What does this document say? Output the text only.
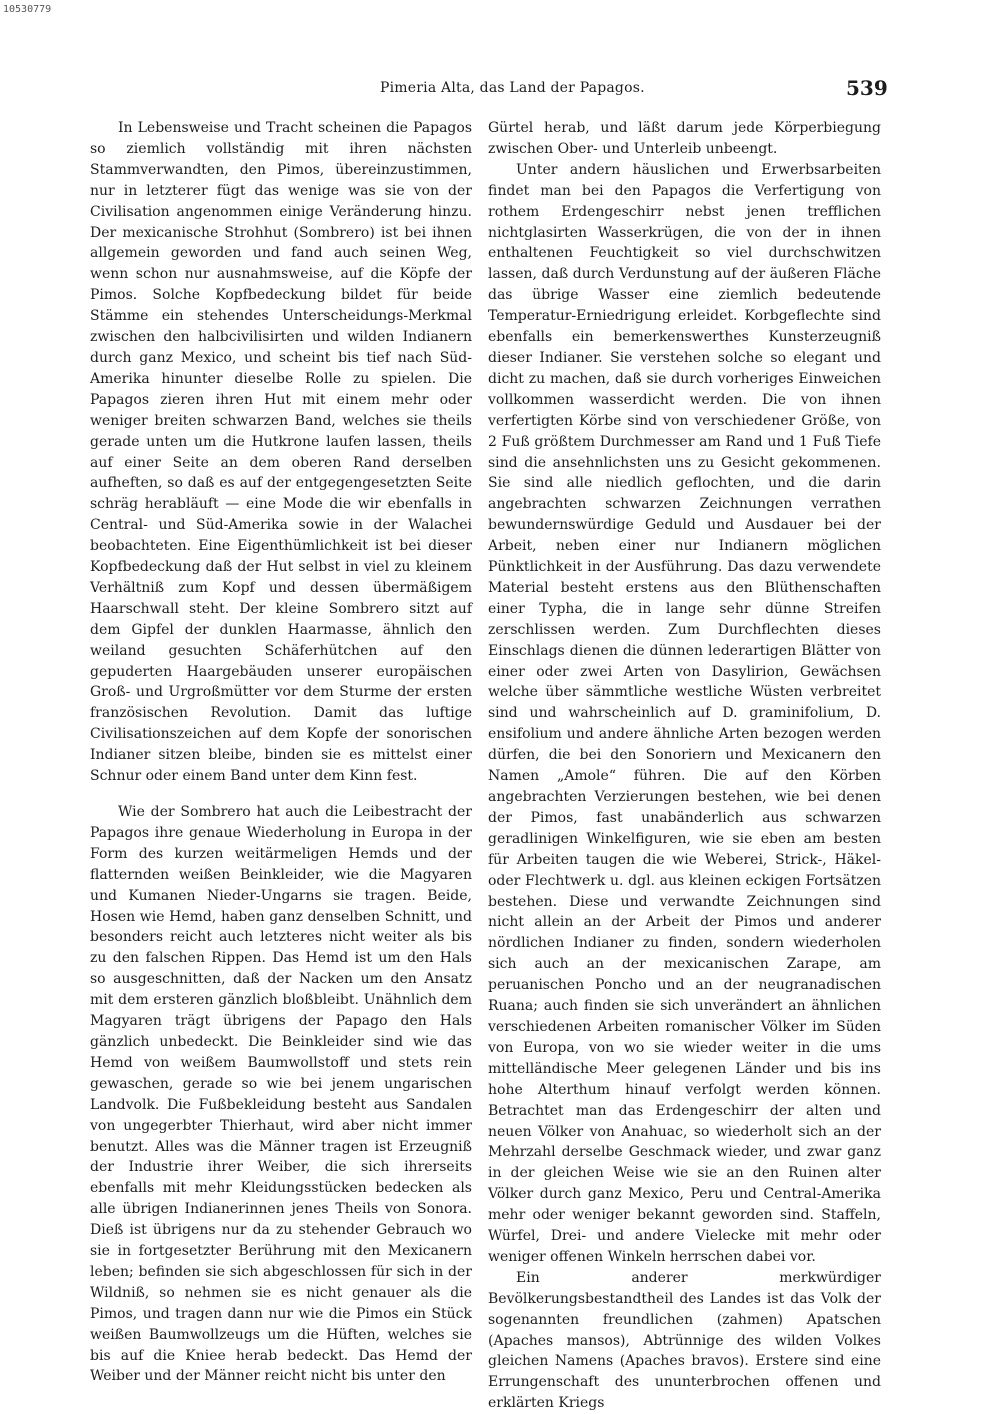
10530779
Pimeria Alta, das Land der Papagos.	539

In Lebensweise und Tracht scheinen die Papagos so ziemlich vollständig mit ihren nächsten Stammverwandten, den Pimos, übereinzustimmen, nur in letzterer fügt das wenige was sie von der Civilisation angenommen einige Veränderung hinzu. Der mexicanische Strohhut (Sombrero) ist bei ihnen allgemein geworden und fand auch seinen Weg, wenn schon nur ausnahmsweise, auf die Köpfe der Pimos. Solche Kopfbedeckung bildet für beide Stämme ein stehendes Unterscheidungs-Merkmal zwischen den halbcivilisirten und wilden Indianern durch ganz Mexico, und scheint bis tief nach Süd-Amerika hinunter dieselbe Rolle zu spielen. Die Papagos zieren ihren Hut mit einem mehr oder weniger breiten schwarzen Band, welches sie theils gerade unten um die Hutkrone laufen lassen, theils auf einer Seite an dem oberen Rand derselben aufheften, so daß es auf der entgegengesetzten Seite schräg herabläuft — eine Mode die wir ebenfalls in Central- und Süd-Amerika sowie in der Walachei beobachteten. Eine Eigenthümlichkeit ist bei dieser Kopfbedeckung daß der Hut selbst in viel zu kleinem Verhältniß zum Kopf und dessen übermäßigem Haarschwall steht. Der kleine Sombrero sitzt auf dem Gipfel der dunklen Haarmasse, ähnlich den weiland gesuchten Schäferhütchen auf den gepuderten Haargebäuden unserer europäischen Groß- und Urgroßmütter vor dem Sturme der ersten französischen Revolution. Damit das luftige Civilisationszeichen auf dem Kopfe der sonorischen Indianer sitzen bleibe, binden sie es mittelst einer Schnur oder einem Band unter dem Kinn fest.

Wie der Sombrero hat auch die Leibestracht der Papagos ihre genaue Wiederholung in Europa in der Form des kurzen weitärmeligen Hemds und der flatternden weißen Beinkleider, wie die Magyaren und Kumanen Nieder-Ungarns sie tragen. Beide, Hosen wie Hemd, haben ganz denselben Schnitt, und besonders reicht auch letzteres nicht weiter als bis zu den falschen Rippen. Das Hemd ist um den Hals so ausgeschnitten, daß der Nacken um den Ansatz mit dem ersteren gänzlich bloßbleibt. Unähnlich dem Magyaren trägt übrigens der Papago den Hals gänzlich unbedeckt. Die Beinkleider sind wie das Hemd von weißem Baumwollstoff und stets rein gewaschen, gerade so wie bei jenem ungarischen Landvolk. Die Fußbekleidung besteht aus Sandalen von ungegerbter Thierhaut, wird aber nicht immer benutzt. Alles was die Männer tragen ist Erzeugniß der Industrie ihrer Weiber, die sich ihrerseits ebenfalls mit mehr Kleidungsstücken bedecken als alle übrigen Indianerinnen jenes Theils von Sonora. Dieß ist übrigens nur da zu stehender Gebrauch wo sie in fortgesetzter Berührung mit den Mexicanern leben; befinden sie sich abgeschlossen für sich in der Wildniß, so nehmen sie es nicht genauer als die Pimos, und tragen dann nur wie die Pimos ein Stück weißen Baumwollzeugs um die Hüften, welches sie bis auf die Kniee herab bedeckt. Das Hemd der Weiber und der Männer reicht nicht bis unter den

Gürtel herab, und läßt darum jede Körperbiegung zwischen Ober- und Unterleib unbeengt.

Unter andern häuslichen und Erwerbsarbeiten findet man bei den Papagos die Verfertigung von rothem Erdengeschirr nebst jenen trefflichen nichtglasirten Wasserkrügen, die von der in ihnen enthaltenen Feuchtigkeit so viel durchschwitzen lassen, daß durch Verdunstung auf der äußeren Fläche das übrige Wasser eine ziemlich bedeutende Temperatur-Erniedrigung erleidet. Korbgeflechte sind ebenfalls ein bemerkenswerthes Kunsterzeugniß dieser Indianer. Sie verstehen solche so elegant und dicht zu machen, daß sie durch vorheriges Einweichen vollkommen wasserdicht werden. Die von ihnen verfertigten Körbe sind von verschiedener Größe, von 2 Fuß größtem Durchmesser am Rand und 1 Fuß Tiefe sind die ansehnlichsten uns zu Gesicht gekommenen. Sie sind alle niedlich geflochten, und die darin angebrachten schwarzen Zeichnungen verrathen bewundernswürdige Geduld und Ausdauer bei der Arbeit, neben einer nur Indianern möglichen Pünktlichkeit in der Ausführung. Das dazu verwendete Material besteht erstens aus den Blüthenschaften einer Typha, die in lange sehr dünne Streifen zerschlissen werden. Zum Durchflechten dieses Einschlags dienen die dünnen lederartigen Blätter von einer oder zwei Arten von Dasylirion, Gewächsen welche über sämmtliche westliche Wüsten verbreitet sind und wahrscheinlich auf D. graminifolium, D. ensifolium und andere ähnliche Arten bezogen werden dürfen, die bei den Sonoriern und Mexicanern den Namen „Amole“ führen. Die auf den Körben angebrachten Verzierungen bestehen, wie bei denen der Pimos, fast unabänderlich aus schwarzen geradlinigen Winkelfiguren, wie sie eben am besten für Arbeiten taugen die wie Weberei, Strick-, Häkel- oder Flechtwerk u. dgl. aus kleinen eckigen Fortsätzen bestehen. Diese und verwandte Zeichnungen sind nicht allein an der Arbeit der Pimos und anderer nördlichen Indianer zu finden, sondern wiederholen sich auch an der mexicanischen Zarape, am peruanischen Poncho und an der neugranadischen Ruana; auch finden sie sich unverändert an ähnlichen verschiedenen Arbeiten romanischer Völker im Süden von Europa, von wo sie wieder weiter in die ums mittelländische Meer gelegenen Länder und bis ins hohe Alterthum hinauf verfolgt werden können. Betrachtet man das Erdengeschirr der alten und neuen Völker von Anahuac, so wiederholt sich an der Mehrzahl derselbe Geschmack wieder, und zwar ganz in der gleichen Weise wie sie an den Ruinen alter Völker durch ganz Mexico, Peru und Central-Amerika mehr oder weniger bekannt geworden sind. Staffeln, Würfel, Drei- und andere Vielecke mit mehr oder weniger offenen Winkeln herrschen dabei vor.

Ein anderer merkwürdiger Bevölkerungsbestandtheil des Landes ist das Volk der sogenannten freundlichen (zahmen) Apatschen (Apaches mansos), Abtrünnige des wilden Volkes gleichen Namens (Apaches bravos). Erstere sind eine Errungenschaft des ununterbrochen offenen und erklärten Kriegs
